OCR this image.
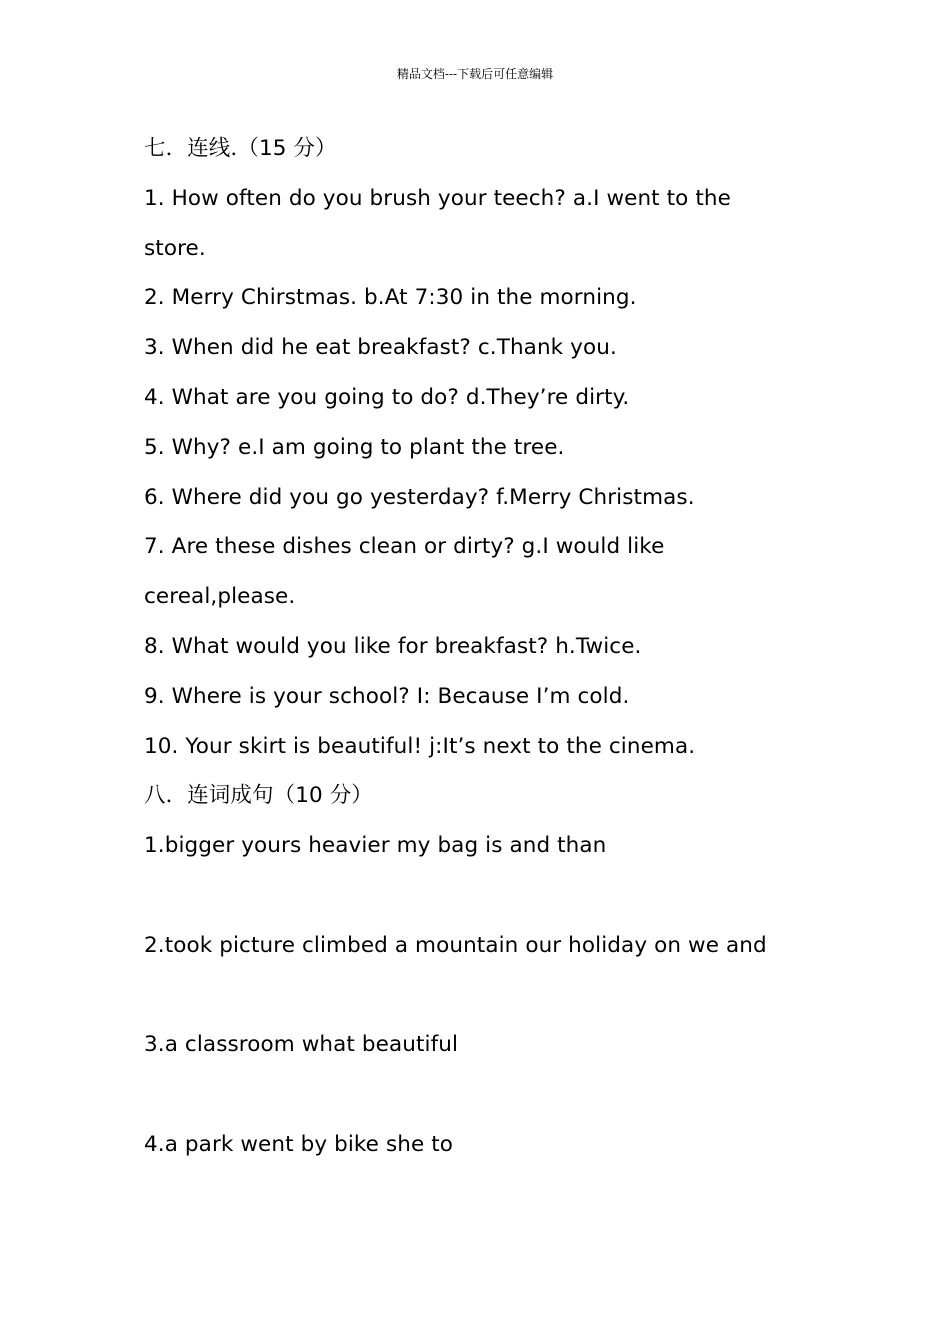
精品文档---下载后可任意编辑
七．连线.（15 分）
1. How often do you brush your teech? a.I went to the
store.
2. Merry Chirstmas. b.At 7:30 in the morning.
3. When did he eat breakfast? c.Thank you.
4. What are you going to do? d.They’re dirty.
5. Why? e.I am going to plant the tree.
6. Where did you go yesterday? f.Merry Christmas.
7. Are these dishes clean or dirty? g.I would like
cereal,please.
8. What would you like for breakfast? h.Twice.
9. Where is your school? I: Because I’m cold.
10. Your skirt is beautiful! j:It’s next to the cinema.
八．连词成句（10 分）
1.bigger yours heavier my bag is and than
2.took picture climbed a mountain our holiday on we and
3.a classroom what beautiful
4.a park went by bike she to
